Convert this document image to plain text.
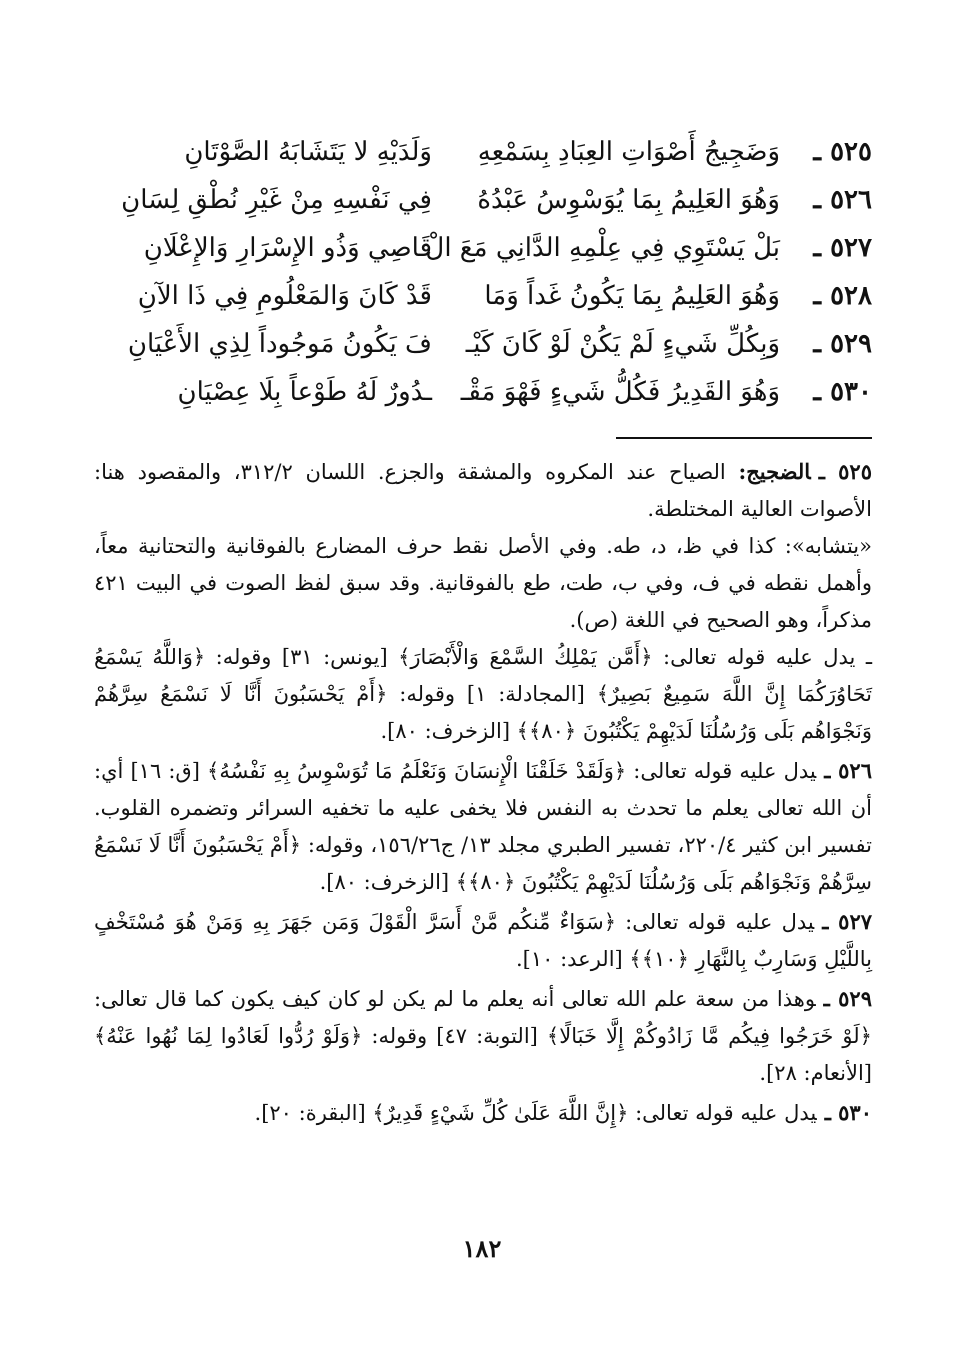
٥٢٥ ـ
وَضَجِيجُ أَصْوَاتِ العِبَادِ بِسَمْعِهِ
وَلَدَيْهِ لا يَتَشَابَهُ الصَّوْتَانِ
٥٢٦ ـ
وَهُوَ العَلِيمُ بِمَا يُوَسْوِسُ عَبْدُهُ
فِي نَفْسِهِ مِنْ غَيْرِ نُطْقِ لِسَانِ
٥٢٧ ـ
بَلْ يَسْتَوِي فِي عِلْمِهِ الدَّانِي مَعَ الْ
قَاصِي وَذُو الإِسْرَارِ وَالإِعْلَانِ
٥٢٨ ـ
وَهُوَ العَلِيمُ بِمَا يَكُونُ غَداً وَمَا
قَدْ كَانَ وَالمَعْلُومِ فِي ذَا الآنِ
٥٢٩ ـ
وَبِكُلِّ شَيءٍ لَمْ يَكُنْ لَوْ كَانَ كَيْـ
فَ يَكُونُ مَوجُوداً لِذِي الأَعْيَانِ
٥٣٠ ـ
وَهُوَ القَدِيرُ فَكُلُّ شَيءٍ فَهْوَ مَقْـ
ـدُورٌ لَهُ طَوْعاً بِلَا عِصْيَانِ

٥٢٥ ـالضجيج: الصياح عند المكروه والمشقة والجزع. اللسان ٣١٢/٢، والمقصود هنا: الأصوات العالية المختلطة.

«يتشابه»: كذا في ظ، د، طه. وفي الأصل نقط حرف المضارع بالفوقانية والتحتانية معاً، وأهمل نقطه في ف، وفي ب، طت، طع بالفوقانية. وقد سبق لفظ الصوت في البيت ٤٢١ مذكراً، وهو الصحيح في اللغة (ص).

ـ يدل عليه قوله تعالى: ﴿أَمَّن يَمْلِكُ السَّمْعَ وَالْأَبْصَارَ﴾ [يونس: ٣١] وقوله: ﴿وَاللَّهُ يَسْمَعُ تَحَاوُرَكُمَا إِنَّ اللَّهَ سَمِيعٌ بَصِيرٌ﴾ [المجادلة: ١] وقوله: ﴿أَمْ يَحْسَبُونَ أَنَّا لَا نَسْمَعُ سِرَّهُمْ وَنَجْوَاهُم بَلَى وَرُسُلُنَا لَدَيْهِمْ يَكْتُبُونَ ﴿٨٠﴾﴾ [الزخرف: ٨٠].

٥٢٦ ـيدل عليه قوله تعالى: ﴿وَلَقَدْ خَلَقْنَا الْإِنسَانَ وَنَعْلَمُ مَا تُوَسْوِسُ بِهِ نَفْسُهُ﴾ [ق: ١٦] أي: أن الله تعالى يعلم ما تحدث به النفس فلا يخفى عليه ما تخفيه السرائر وتضمره القلوب. تفسير ابن كثير ٢٢٠/٤، تفسير الطبري مجلد ١٣/ ج١٥٦/٢٦، وقوله: ﴿أَمْ يَحْسَبُونَ أَنَّا لَا نَسْمَعُ سِرَّهُمْ وَنَجْوَاهُم بَلَى وَرُسُلُنَا لَدَيْهِمْ يَكْتُبُونَ ﴿٨٠﴾﴾ [الزخرف: ٨٠].

٥٢٧ ـيدل عليه قوله تعالى: ﴿سَوَاءٌ مِّنكُم مَّنْ أَسَرَّ الْقَوْلَ وَمَن جَهَرَ بِهِ وَمَنْ هُوَ مُسْتَخْفٍ بِاللَّيْلِ وَسَارِبٌ بِالنَّهَارِ ﴿١٠﴾﴾ [الرعد: ١٠].

٥٢٩ ـوهذا من سعة علم الله تعالى أنه يعلم ما لم يكن لو كان كيف يكون كما قال تعالى: ﴿لَوْ خَرَجُوا فِيكُم مَّا زَادُوكُمْ إِلَّا خَبَالًا﴾ [التوبة: ٤٧] وقوله: ﴿وَلَوْ رُدُّوا لَعَادُوا لِمَا نُهُوا عَنْهُ﴾ [الأنعام: ٢٨].

٥٣٠ ـيدل عليه قوله تعالى: ﴿إِنَّ اللَّهَ عَلَىٰ كُلِّ شَيْءٍ قَدِيرٌ﴾ [البقرة: ٢٠].

١٨٢
